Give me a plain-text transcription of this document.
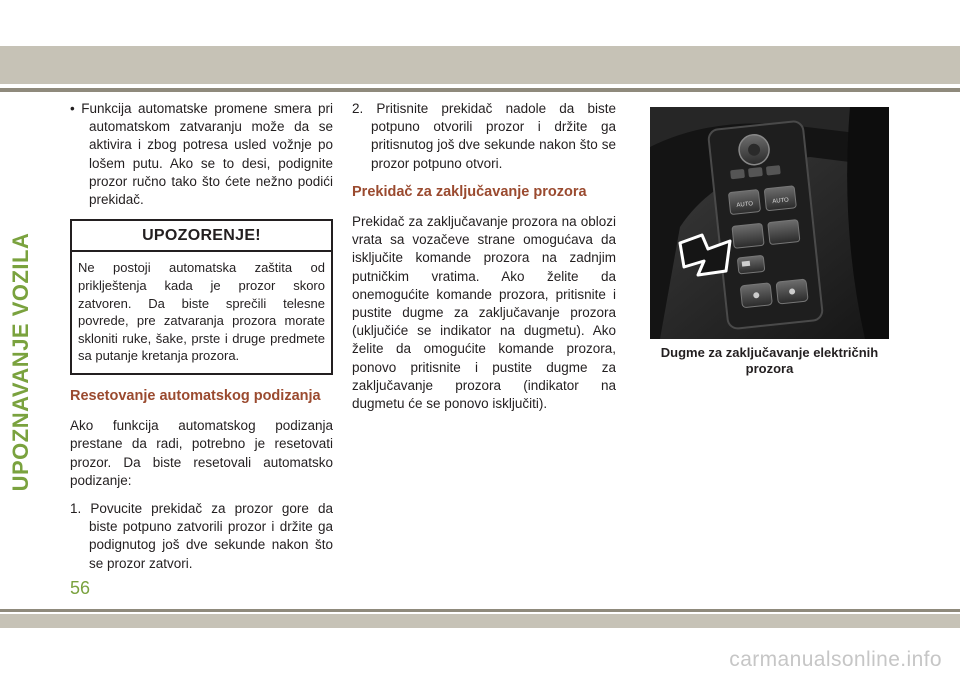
UPOZNAVANJE VOZILA

• Funkcija automatske promene smera pri automatskom zatvaranju može da se aktivira i zbog potresa usled vožnje po lošem putu. Ako se to desi, podignite prozor ručno tako što ćete nežno podići prekidač.

UPOZORENJE!
Ne postoji automatska zaštita od priklještenja kada je prozor skoro zatvoren. Da biste sprečili telesne povrede, pre zatvaranja prozora morate skloniti ruke, šake, prste i druge predmete sa putanje kretanja prozora.
Resetovanje automatskog podizanja

Ako funkcija automatskog podizanja prestane da radi, potrebno je resetovati prozor. Da biste resetovali automatsko podizanje:

1. Povucite prekidač za prozor gore da biste potpuno zatvorili prozor i držite ga podignutog još dve sekunde nakon što se prozor zatvori.

2. Pritisnite prekidač nadole da biste potpuno otvorili prozor i držite ga pritisnutog još dve sekunde nakon što se prozor potpuno otvori.

Prekidač za zaključavanje prozora

Prekidač za zaključavanje prozora na oblozi vrata sa vozačeve strane omogućava da isključite komande prozora na zadnjim putničkim vratima. Ako želite da onemogućite komande prozora, pritisnite i pustite dugme za zaključavanje prozora (uključiće se indikator na dugmetu). Ako želite da omogućite komande prozora, ponovo pritisnite i pustite dugme za zaključavanje prozora (indikator na dugmetu će se ponovo isključiti).

AUTO	AUTO
Dugme za zaključavanje električnih prozora
56
carmanualsonline.info
